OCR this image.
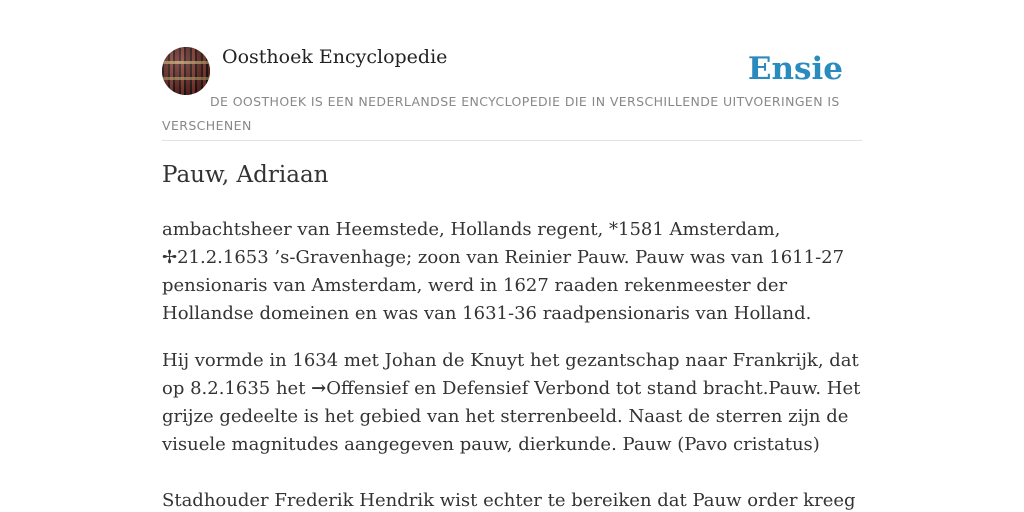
Oosthoek Encyclopedie	Ensie
DE OOSTHOEK IS EEN NEDERLANDSE ENCYCLOPEDIE DIE IN VERSCHILLENDE UITVOERINGEN IS VERSCHENEN
Pauw, Adriaan

ambachtsheer van Heemstede, Hollands regent, *1581 Amsterdam, ✢21.2.1653 ’s-Gravenhage; zoon van Reinier Pauw. Pauw was van 1611-27 pensionaris van Amsterdam, werd in 1627 raaden rekenmeester der Hollandse domeinen en was van 1631-36 raadpensionaris van Holland.

Hij vormde in 1634 met Johan de Knuyt het gezantschap naar Frankrijk, dat op 8.2.1635 het →Offensief en Defensief Verbond tot stand bracht.Pauw. Het grijze gedeelte is het gebied van het sterrenbeeld. Naast de sterren zijn de visuele magnitudes aangegeven pauw, dierkunde. Pauw (Pavo cristatus)

Stadhouder Frederik Hendrik wist echter te bereiken dat Pauw order kreeg
